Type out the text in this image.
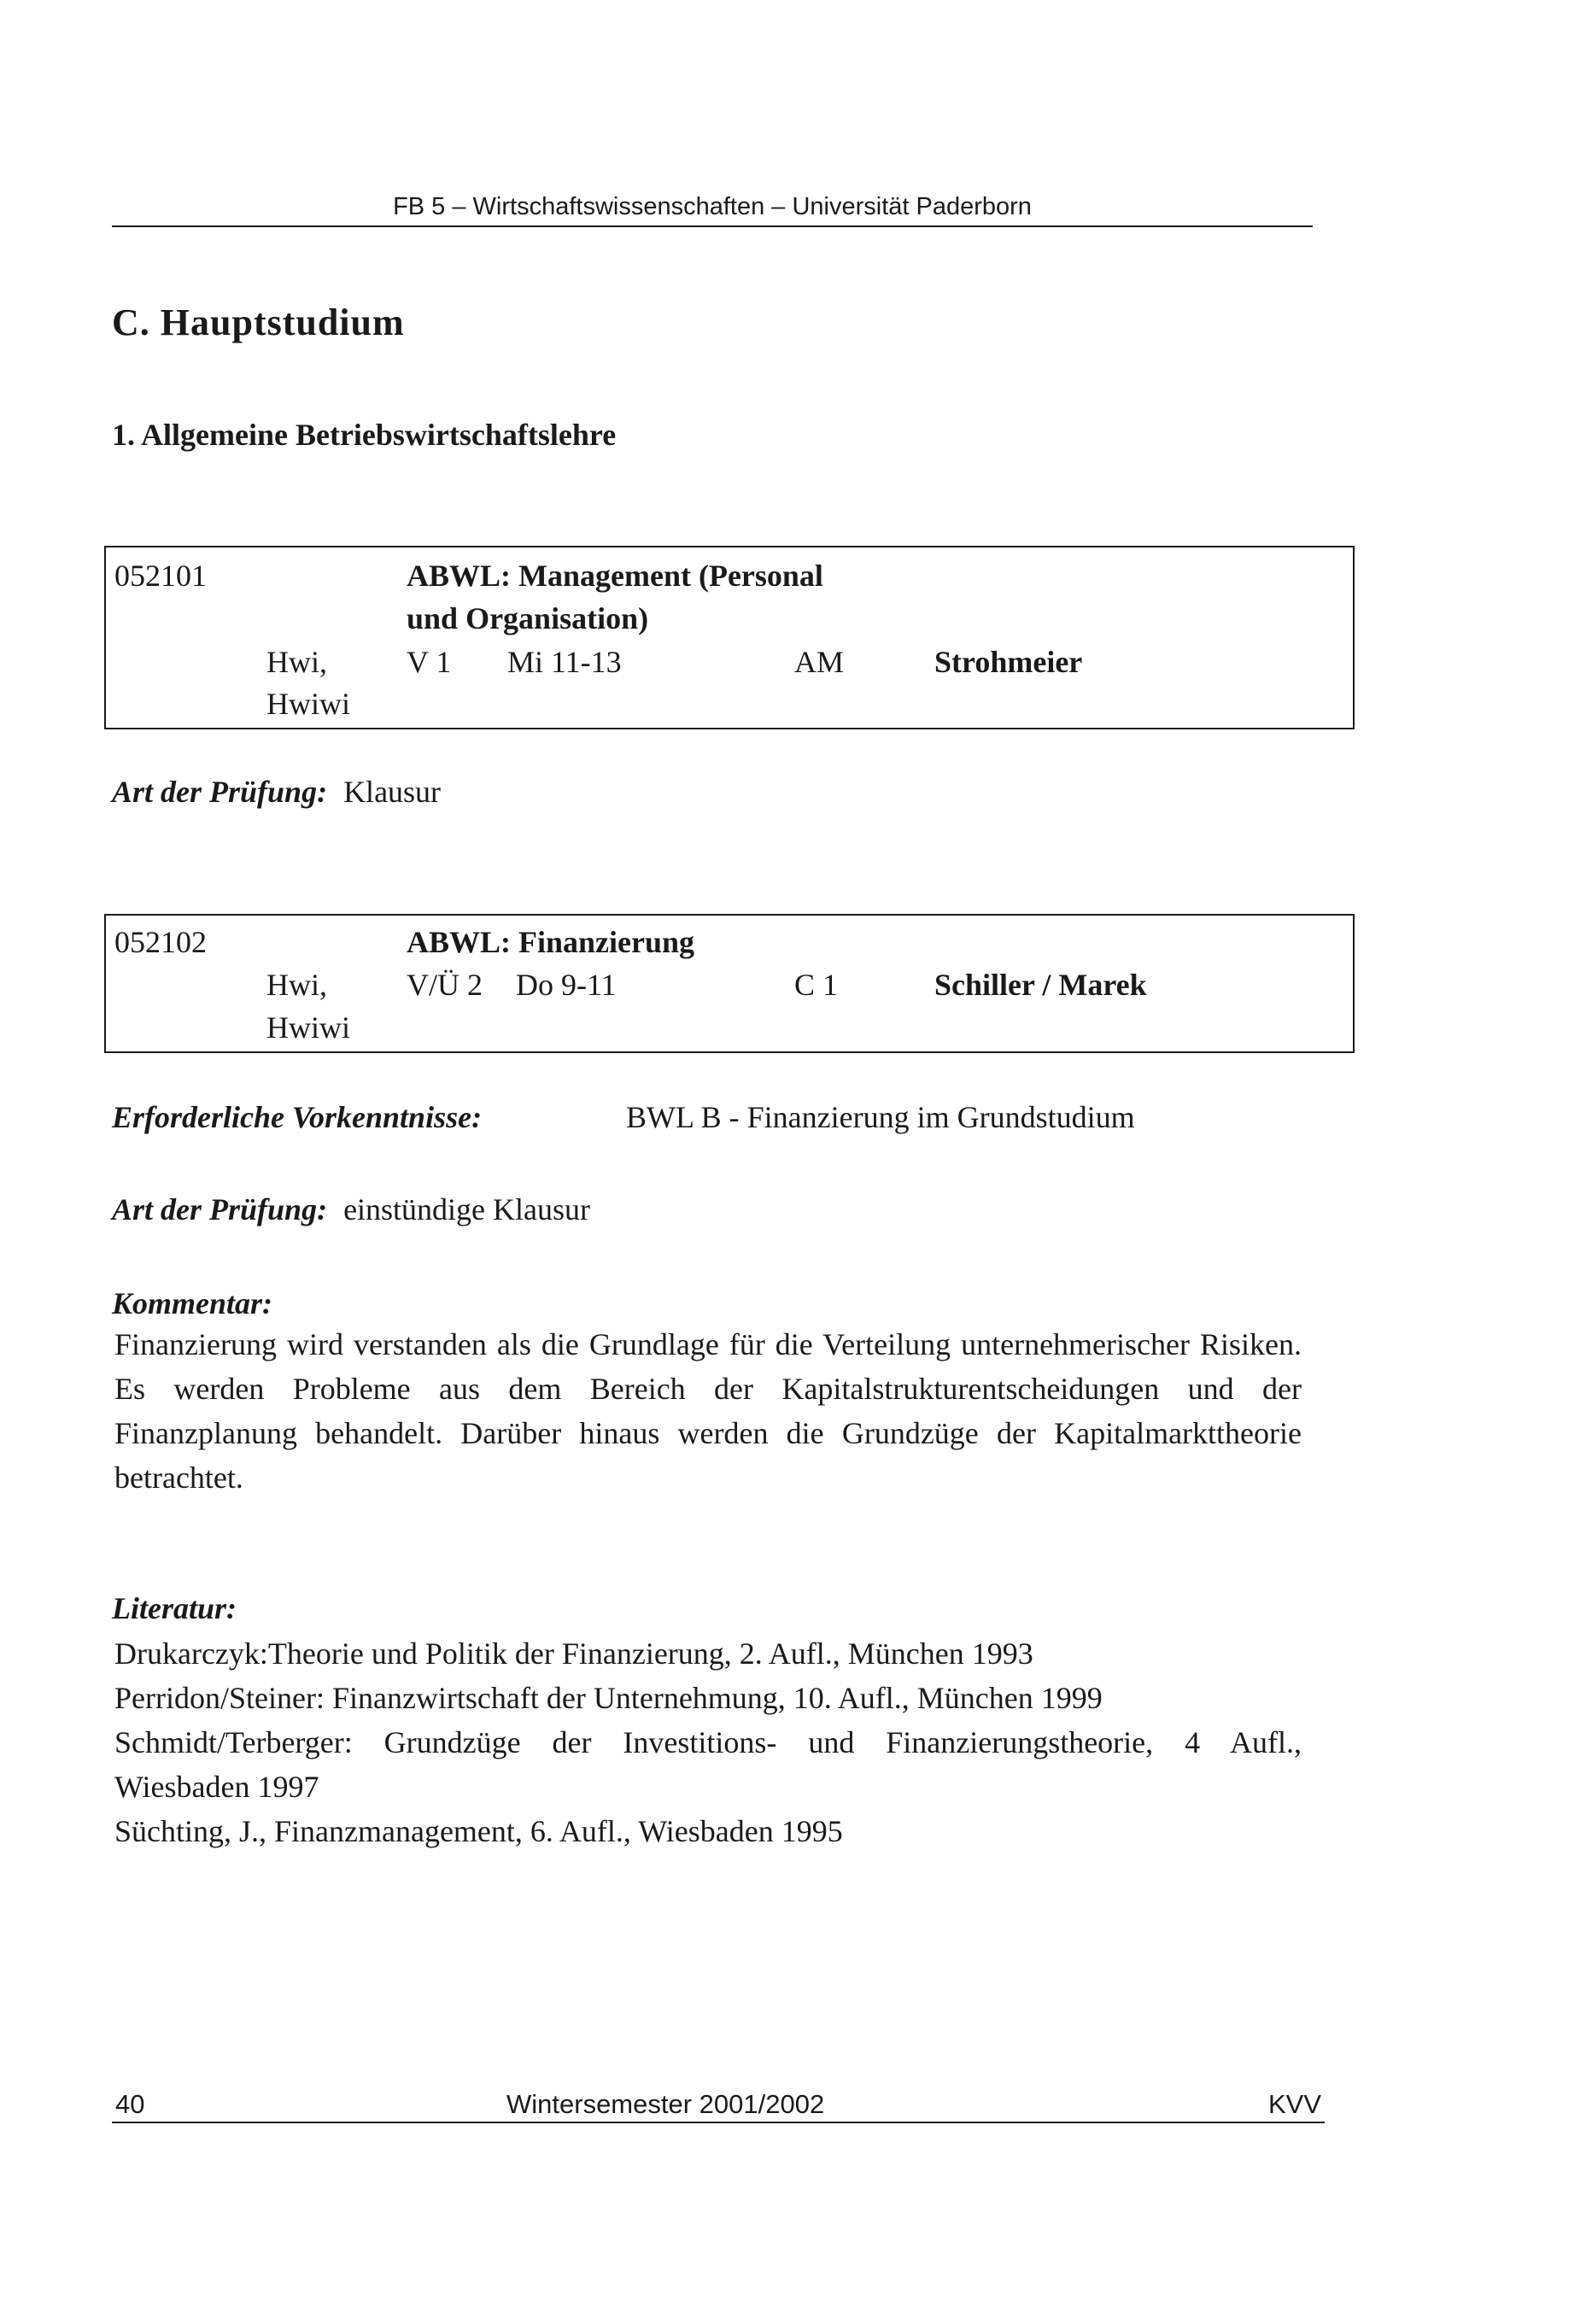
FB 5 – Wirtschaftswissenschaften – Universität Paderborn
C. Hauptstudium
1. Allgemeine Betriebswirtschaftslehre
052101	ABWL: Management (Personal
und Organisation)
Hwi,	V 1 Mi 11-13	AM	Strohmeier
Hwiwi
Art der Prüfung: Klausur
052102	ABWL: Finanzierung
Hwi,	V/Ü 2 Do 9-11	C 1	Schiller / Marek
Hwiwi
Erforderliche Vorkenntnisse:	BWL B - Finanzierung im Grundstudium
Art der Prüfung: einstündige Klausur
Kommentar:
Finanzierung wird verstanden als die Grundlage für die Verteilung unternehmerischer Risiken. Es werden Probleme aus dem Bereich der Kapitalstrukturentscheidungen und der Finanzplanung behandelt. Darüber hinaus werden die Grundzüge der Kapitalmarkttheorie betrachtet.
Literatur:
Drukarczyk:Theorie und Politik der Finanzierung, 2. Aufl., München 1993
Perridon/Steiner: Finanzwirtschaft der Unternehmung, 10. Aufl., München 1999
Schmidt/Terberger: Grundzüge der Investitions- und Finanzierungstheorie, 4 Aufl.,
Wiesbaden 1997
Süchting, J., Finanzmanagement, 6. Aufl., Wiesbaden 1995
40	Wintersemester 2001/2002	KVV
